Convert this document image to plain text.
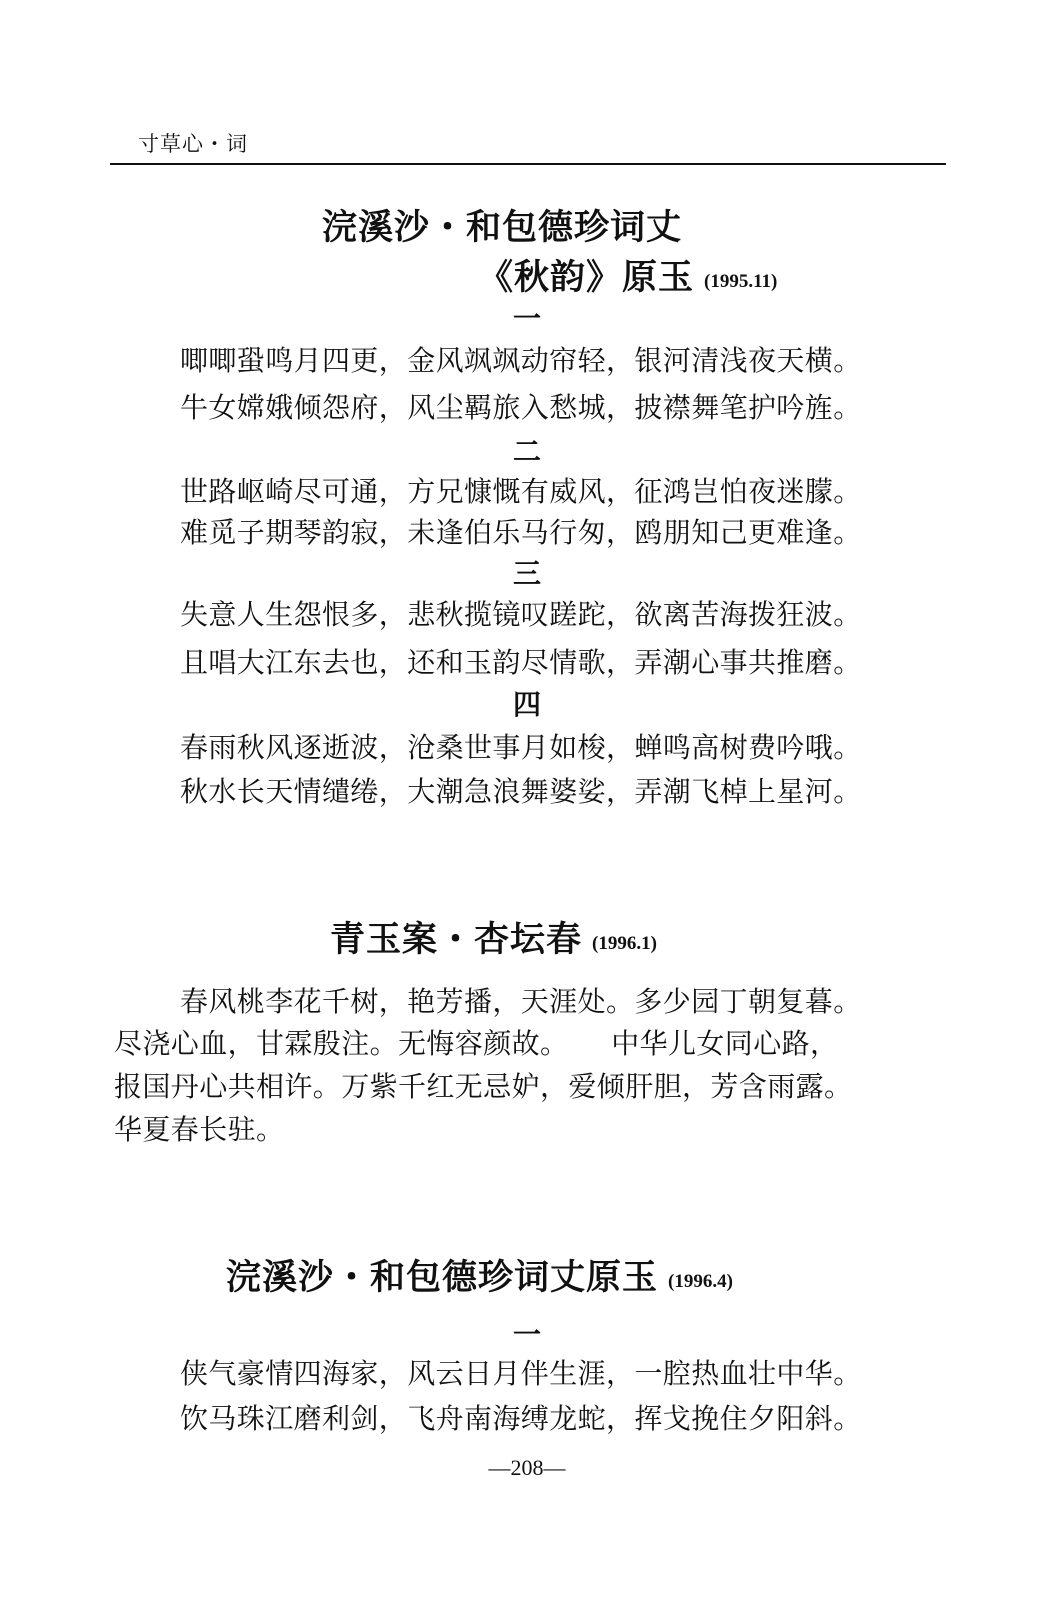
寸草心・词
浣溪沙・和包德珍词丈
《秋韵》原玉 (1995.11)
一
唧唧蛩鸣月四更，金风飒飒动帘轻，银河清浅夜天横。
牛女嫦娥倾怨府，风尘羁旅入愁城，披襟舞笔护吟旌。
二
世路岖崎尽可通，方兄慷慨有威风，征鸿岂怕夜迷朦。
难觅子期琴韵寂，未逢伯乐马行匆，鸥朋知己更难逢。
三
失意人生怨恨多，悲秋揽镜叹蹉跎，欲离苦海拨狂波。
且唱大江东去也，还和玉韵尽情歌，弄潮心事共推磨。
四
春雨秋风逐逝波，沧桑世事月如梭，蝉鸣高树费吟哦。
秋水长天情缱绻，大潮急浪舞婆娑，弄潮飞棹上星河。
青玉案・杏坛春 (1996.1)
春风桃李花千树，艳芳播，天涯处。多少园丁朝复暮。
尽浇心血，甘霖殷注。无悔容颜故。　　中华儿女同心路，
报国丹心共相许。万紫千红无忌妒，爱倾肝胆，芳含雨露。
华夏春长驻。
浣溪沙・和包德珍词丈原玉 (1996.4)
一
侠气豪情四海家，风云日月伴生涯，一腔热血壮中华。
饮马珠江磨利剑，飞舟南海缚龙蛇，挥戈挽住夕阳斜。
—208—
